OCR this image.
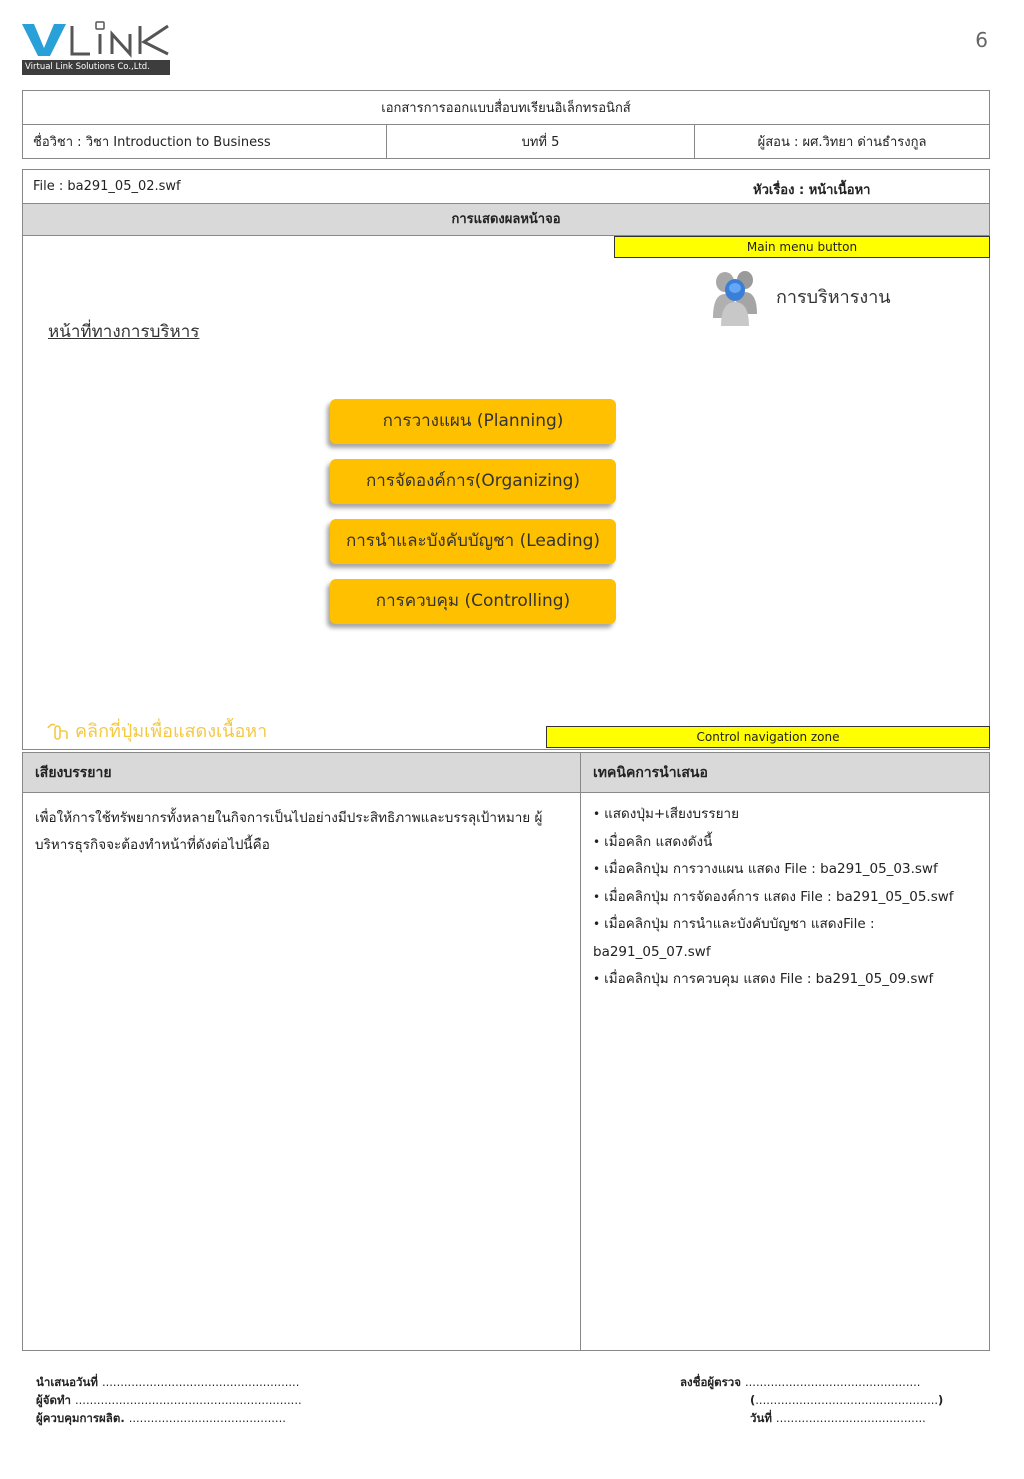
Virtual Link Solutions Co.,Ltd.
6
เอกสารการออกแบบสื่อบทเรียนอิเล็กทรอนิกส์
ชื่อวิชา : วิชา Introduction to Business	บทที่ 5	ผู้สอน : ผศ.วิทยา ด่านธำรงกูล
File : ba291_05_02.swf	หัวเรื่อง : หน้าเนื้อหา
การแสดงผลหน้าจอ
Main menu button
การบริหารงาน
หน้าที่ทางการบริหาร
การวางแผน (Planning)
การจัดองค์การ(Organizing)
การนำและบังคับบัญชา (Leading)
การควบคุม (Controlling)
คลิกที่ปุ่มเพื่อแสดงเนื้อหา	Control navigation zone
เสียงบรรยาย	เทคนิคการนำเสนอ
เพื่อให้การใช้ทรัพยากรทั้งหลายในกิจการเป็นไปอย่างมีประสิทธิภาพและบรรลุเป้าหมาย ผู้บริหารธุรกิจจะต้องทำหน้าที่ดังต่อไปนี้คือ
• แสดงปุ่ม+เสียงบรรยาย
• เมื่อคลิก แสดงดังนี้
• เมื่อคลิกปุ่ม การวางแผน แสดง File : ba291_05_03.swf
• เมื่อคลิกปุ่ม การจัดองค์การ แสดง File : ba291_05_05.swf
• เมื่อคลิกปุ่ม การนำและบังคับบัญชา แสดงFile : ba291_05_07.swf
• เมื่อคลิกปุ่ม การควบคุม แสดง File : ba291_05_09.swf
นำเสนอวันที่ ......................................................
ผู้จัดทำ ..............................................................
ผู้ควบคุมการผลิต. ...........................................
ลงชื่อผู้ตรวจ ................................................
(..................................................)
วันที่ .........................................
